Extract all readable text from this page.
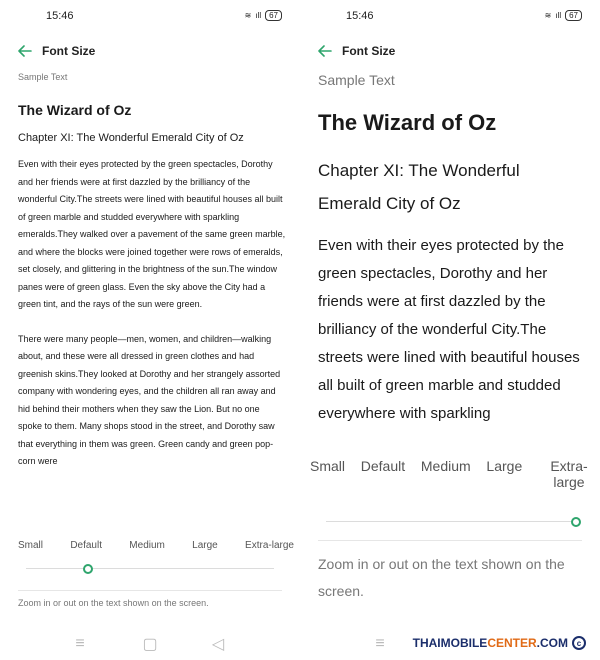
15:46	≋ ıll	67
Font Size
Sample Text
The Wizard of Oz
Chapter XI: The Wonderful Emerald City of Oz

Even with their eyes protected by the green spectacles, Dorothy and her friends were at first dazzled by the brilliancy of the wonderful City.The streets were lined with beautiful houses all built of green marble and studded everywhere with sparkling emeralds.They walked over a pavement of the same green marble, and where the blocks were joined together were rows of emeralds, set closely, and glittering in the brightness of the sun.The window panes were of green glass. Even the sky above the City had a green tint, and the rays of the sun were green.

There were many people—men, women, and children—walking about, and these were all dressed in green clothes and had greenish skins.They looked at Dorothy and her strangely assorted company with wondering eyes, and the children all ran away and hid behind their mothers when they saw the Lion. But no one spoke to them. Many shops stood in the street, and Dorothy saw that everything in them was green. Green candy and green pop-corn were

Small	Default	Medium	Large	Extra-large
Zoom in or out on the text shown on the screen.
≡	▢	◁
15:46	≋ ıll	67
Font Size
Sample Text
The Wizard of Oz
Chapter XI: The Wonderful Emerald City of Oz

Even with their eyes protected by the green spectacles, Dorothy and her friends were at first dazzled by the brilliancy of the wonderful City.The streets were lined with beautiful houses all built of green marble and studded everywhere with sparkling

Small Default Medium Large	Extra-large
Zoom in or out on the text shown on the screen.
≡ THAIMOBILECENTER.COM	c
